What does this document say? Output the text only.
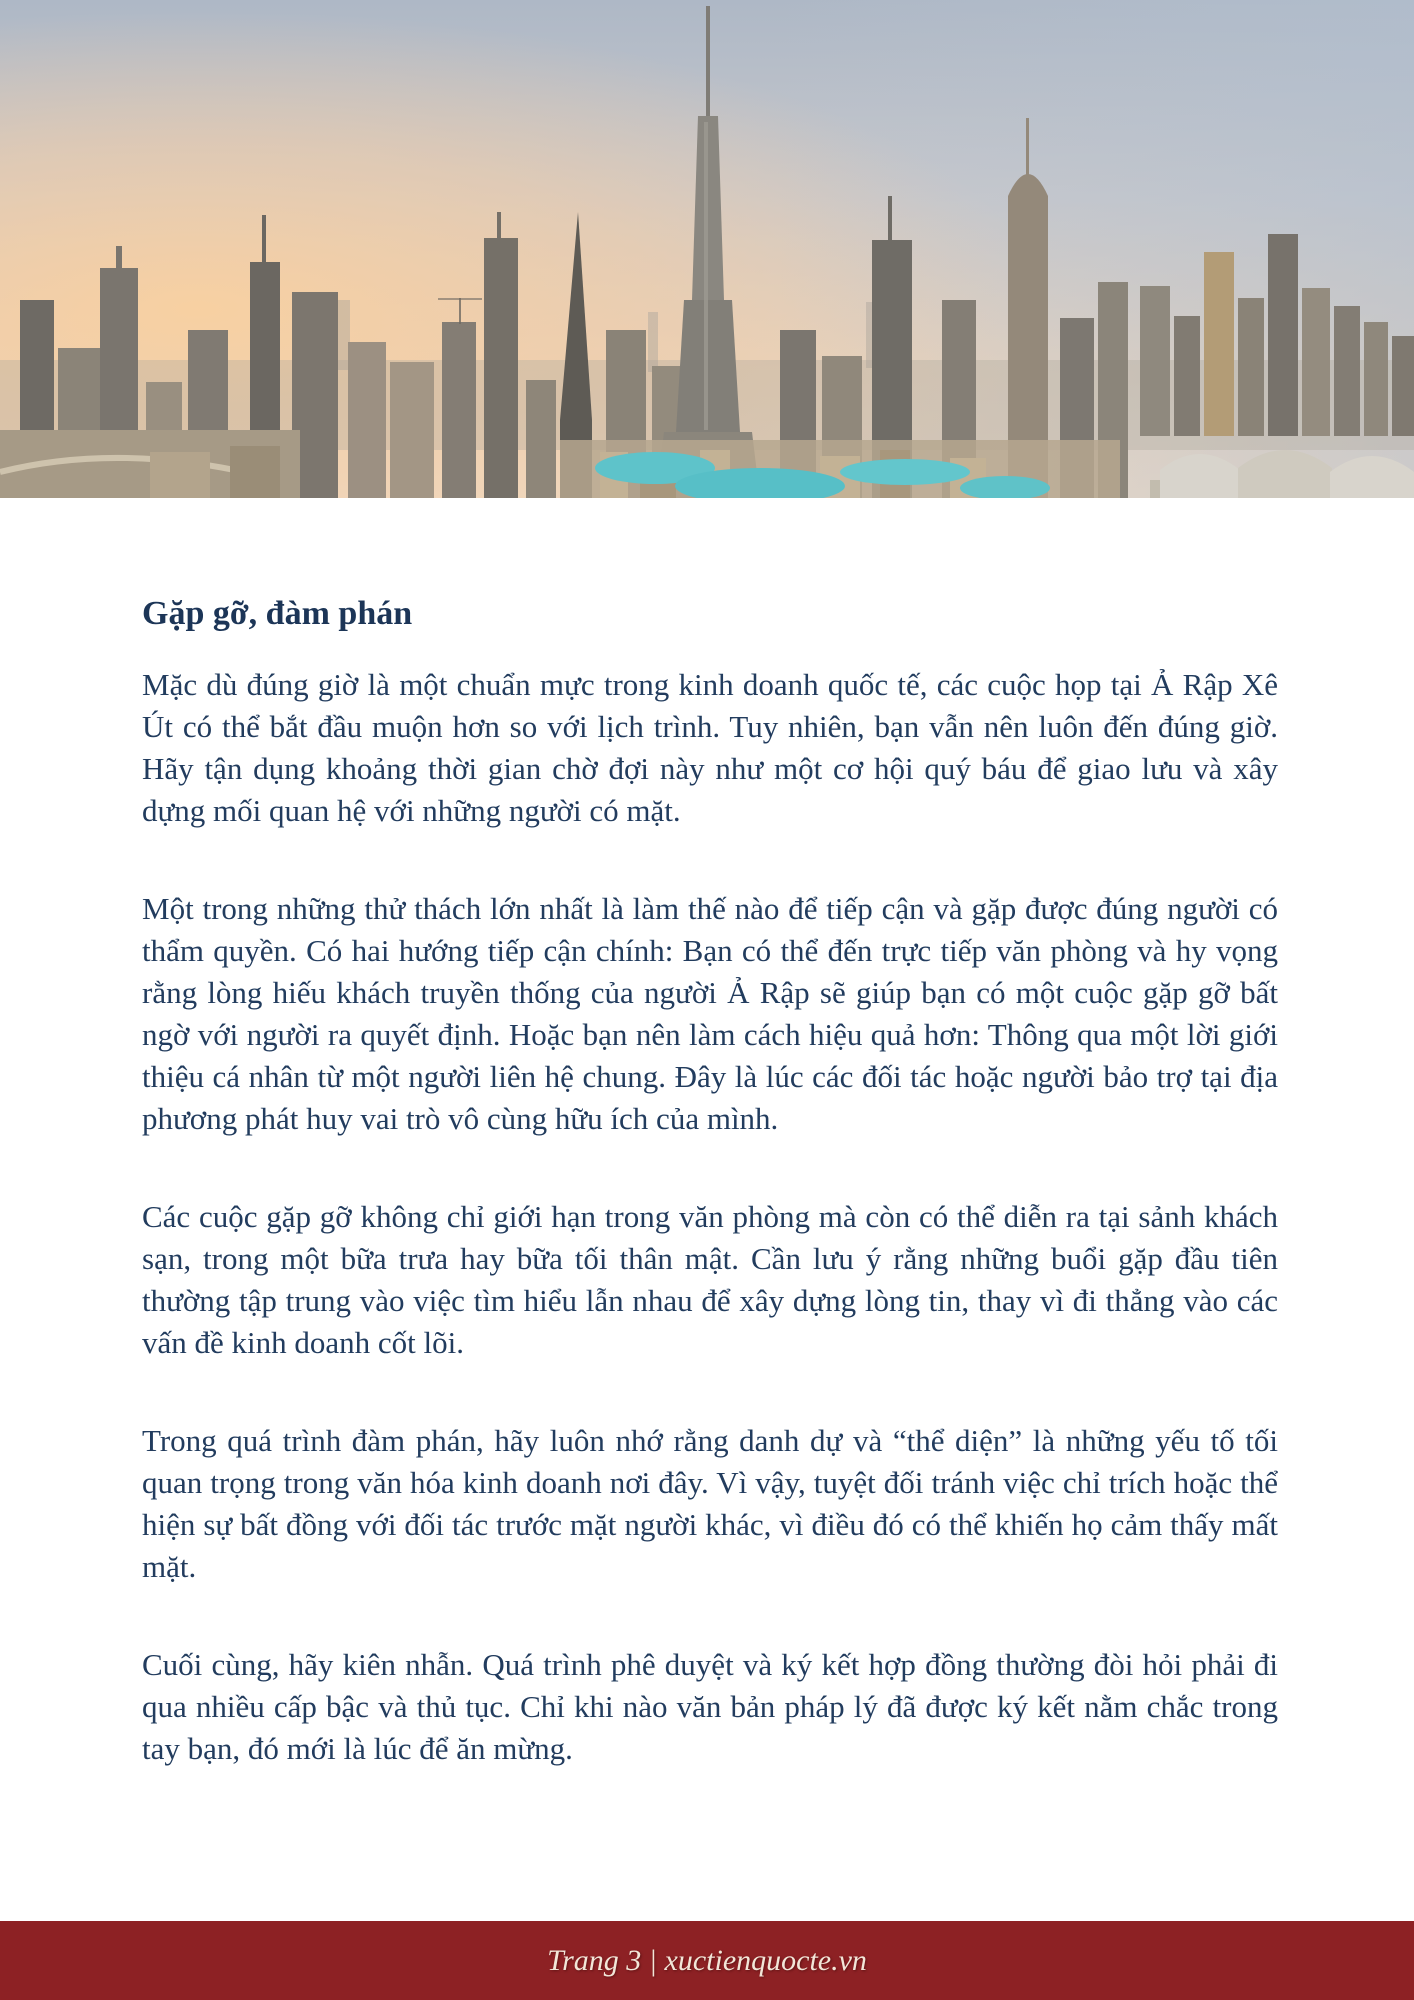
Gặp gỡ, đàm phán

Mặc dù đúng giờ là một chuẩn mực trong kinh doanh quốc tế, các cuộc họp tại Ả Rập Xê Út có thể bắt đầu muộn hơn so với lịch trình. Tuy nhiên, bạn vẫn nên luôn đến đúng giờ. Hãy tận dụng khoảng thời gian chờ đợi này như một cơ hội quý báu để giao lưu và xây dựng mối quan hệ với những người có mặt.

Một trong những thử thách lớn nhất là làm thế nào để tiếp cận và gặp được đúng người có thẩm quyền. Có hai hướng tiếp cận chính: Bạn có thể đến trực tiếp văn phòng và hy vọng rằng lòng hiếu khách truyền thống của người Ả Rập sẽ giúp bạn có một cuộc gặp gỡ bất ngờ với người ra quyết định. Hoặc bạn nên làm cách hiệu quả hơn: Thông qua một lời giới thiệu cá nhân từ một người liên hệ chung. Đây là lúc các đối tác hoặc người bảo trợ tại địa phương phát huy vai trò vô cùng hữu ích của mình.

Các cuộc gặp gỡ không chỉ giới hạn trong văn phòng mà còn có thể diễn ra tại sảnh khách sạn, trong một bữa trưa hay bữa tối thân mật. Cần lưu ý rằng những buổi gặp đầu tiên thường tập trung vào việc tìm hiểu lẫn nhau để xây dựng lòng tin, thay vì đi thẳng vào các vấn đề kinh doanh cốt lõi.

Trong quá trình đàm phán, hãy luôn nhớ rằng danh dự và “thể diện” là những yếu tố tối quan trọng trong văn hóa kinh doanh nơi đây. Vì vậy, tuyệt đối tránh việc chỉ trích hoặc thể hiện sự bất đồng với đối tác trước mặt người khác, vì điều đó có thể khiến họ cảm thấy mất mặt.

Cuối cùng, hãy kiên nhẫn. Quá trình phê duyệt và ký kết hợp đồng thường đòi hỏi phải đi qua nhiều cấp bậc và thủ tục. Chỉ khi nào văn bản pháp lý đã được ký kết nằm chắc trong tay bạn, đó mới là lúc để ăn mừng.

Trang 3 | xuctienquocte.vn
